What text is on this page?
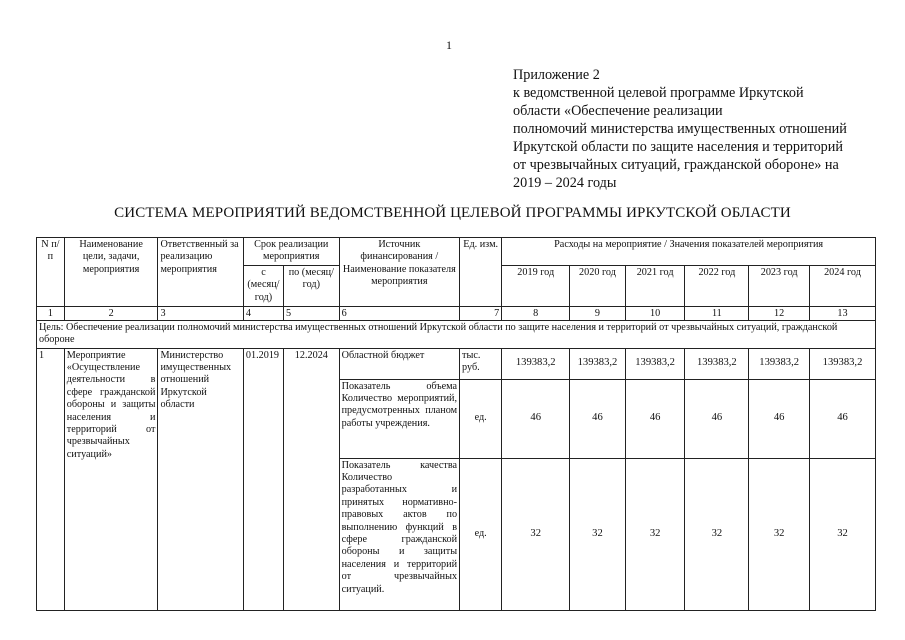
1
Приложение 2
к ведомственной целевой программе Иркутской
области «Обеспечение реализации
полномочий министерства имущественных отношений
Иркутской области по защите населения и территорий
от чрезвычайных ситуаций, гражданской обороне» на
2019 – 2024 годы
СИСТЕМА МЕРОПРИЯТИЙ ВЕДОМСТВЕННОЙ ЦЕЛЕВОЙ ПРОГРАММЫ ИРКУТСКОЙ ОБЛАСТИ
N п/п	Наименование цели, задачи, мероприятия	Ответственный за реализацию мероприятия	Срок реализации мероприятия		Источник финансирования / Наименование показателя мероприятия	Ед. изм.	Расходы на мероприятие / Значения показателей мероприятия					
			с (месяц/год)	по (месяц/год)			2019 год	2020 год	2021 год	2022 год	2023 год	2024 год
1	2	3	4	5	6	7	8	9	10	11	12	13
Цель: Обеспечение реализации полномочий министерства имущественных отношений Иркутской области по защите населения и территорий от чрезвычайных ситуаций, гражданской обороне												
1	Мероприятие «Осуществление деятельности в сфере гражданской обороны и защиты населения и территорий от чрезвычайных ситуаций»	Министерство имущественных отношений Иркутской области	01.2019	12.2024	Областной бюджет	тыс. руб.	139383,2	139383,2	139383,2	139383,2	139383,2	139383,2
					Показатель объема Количество мероприятий, предусмотренных планом работы учреждения.	ед.	46	46	46	46	46	46
					Показатель качества Количество разработанных и принятых нормативно-правовых актов по выполнению функций в сфере гражданской обороны и защиты населения и территорий от чрезвычайных ситуаций.	ед.	32	32	32	32	32	32
